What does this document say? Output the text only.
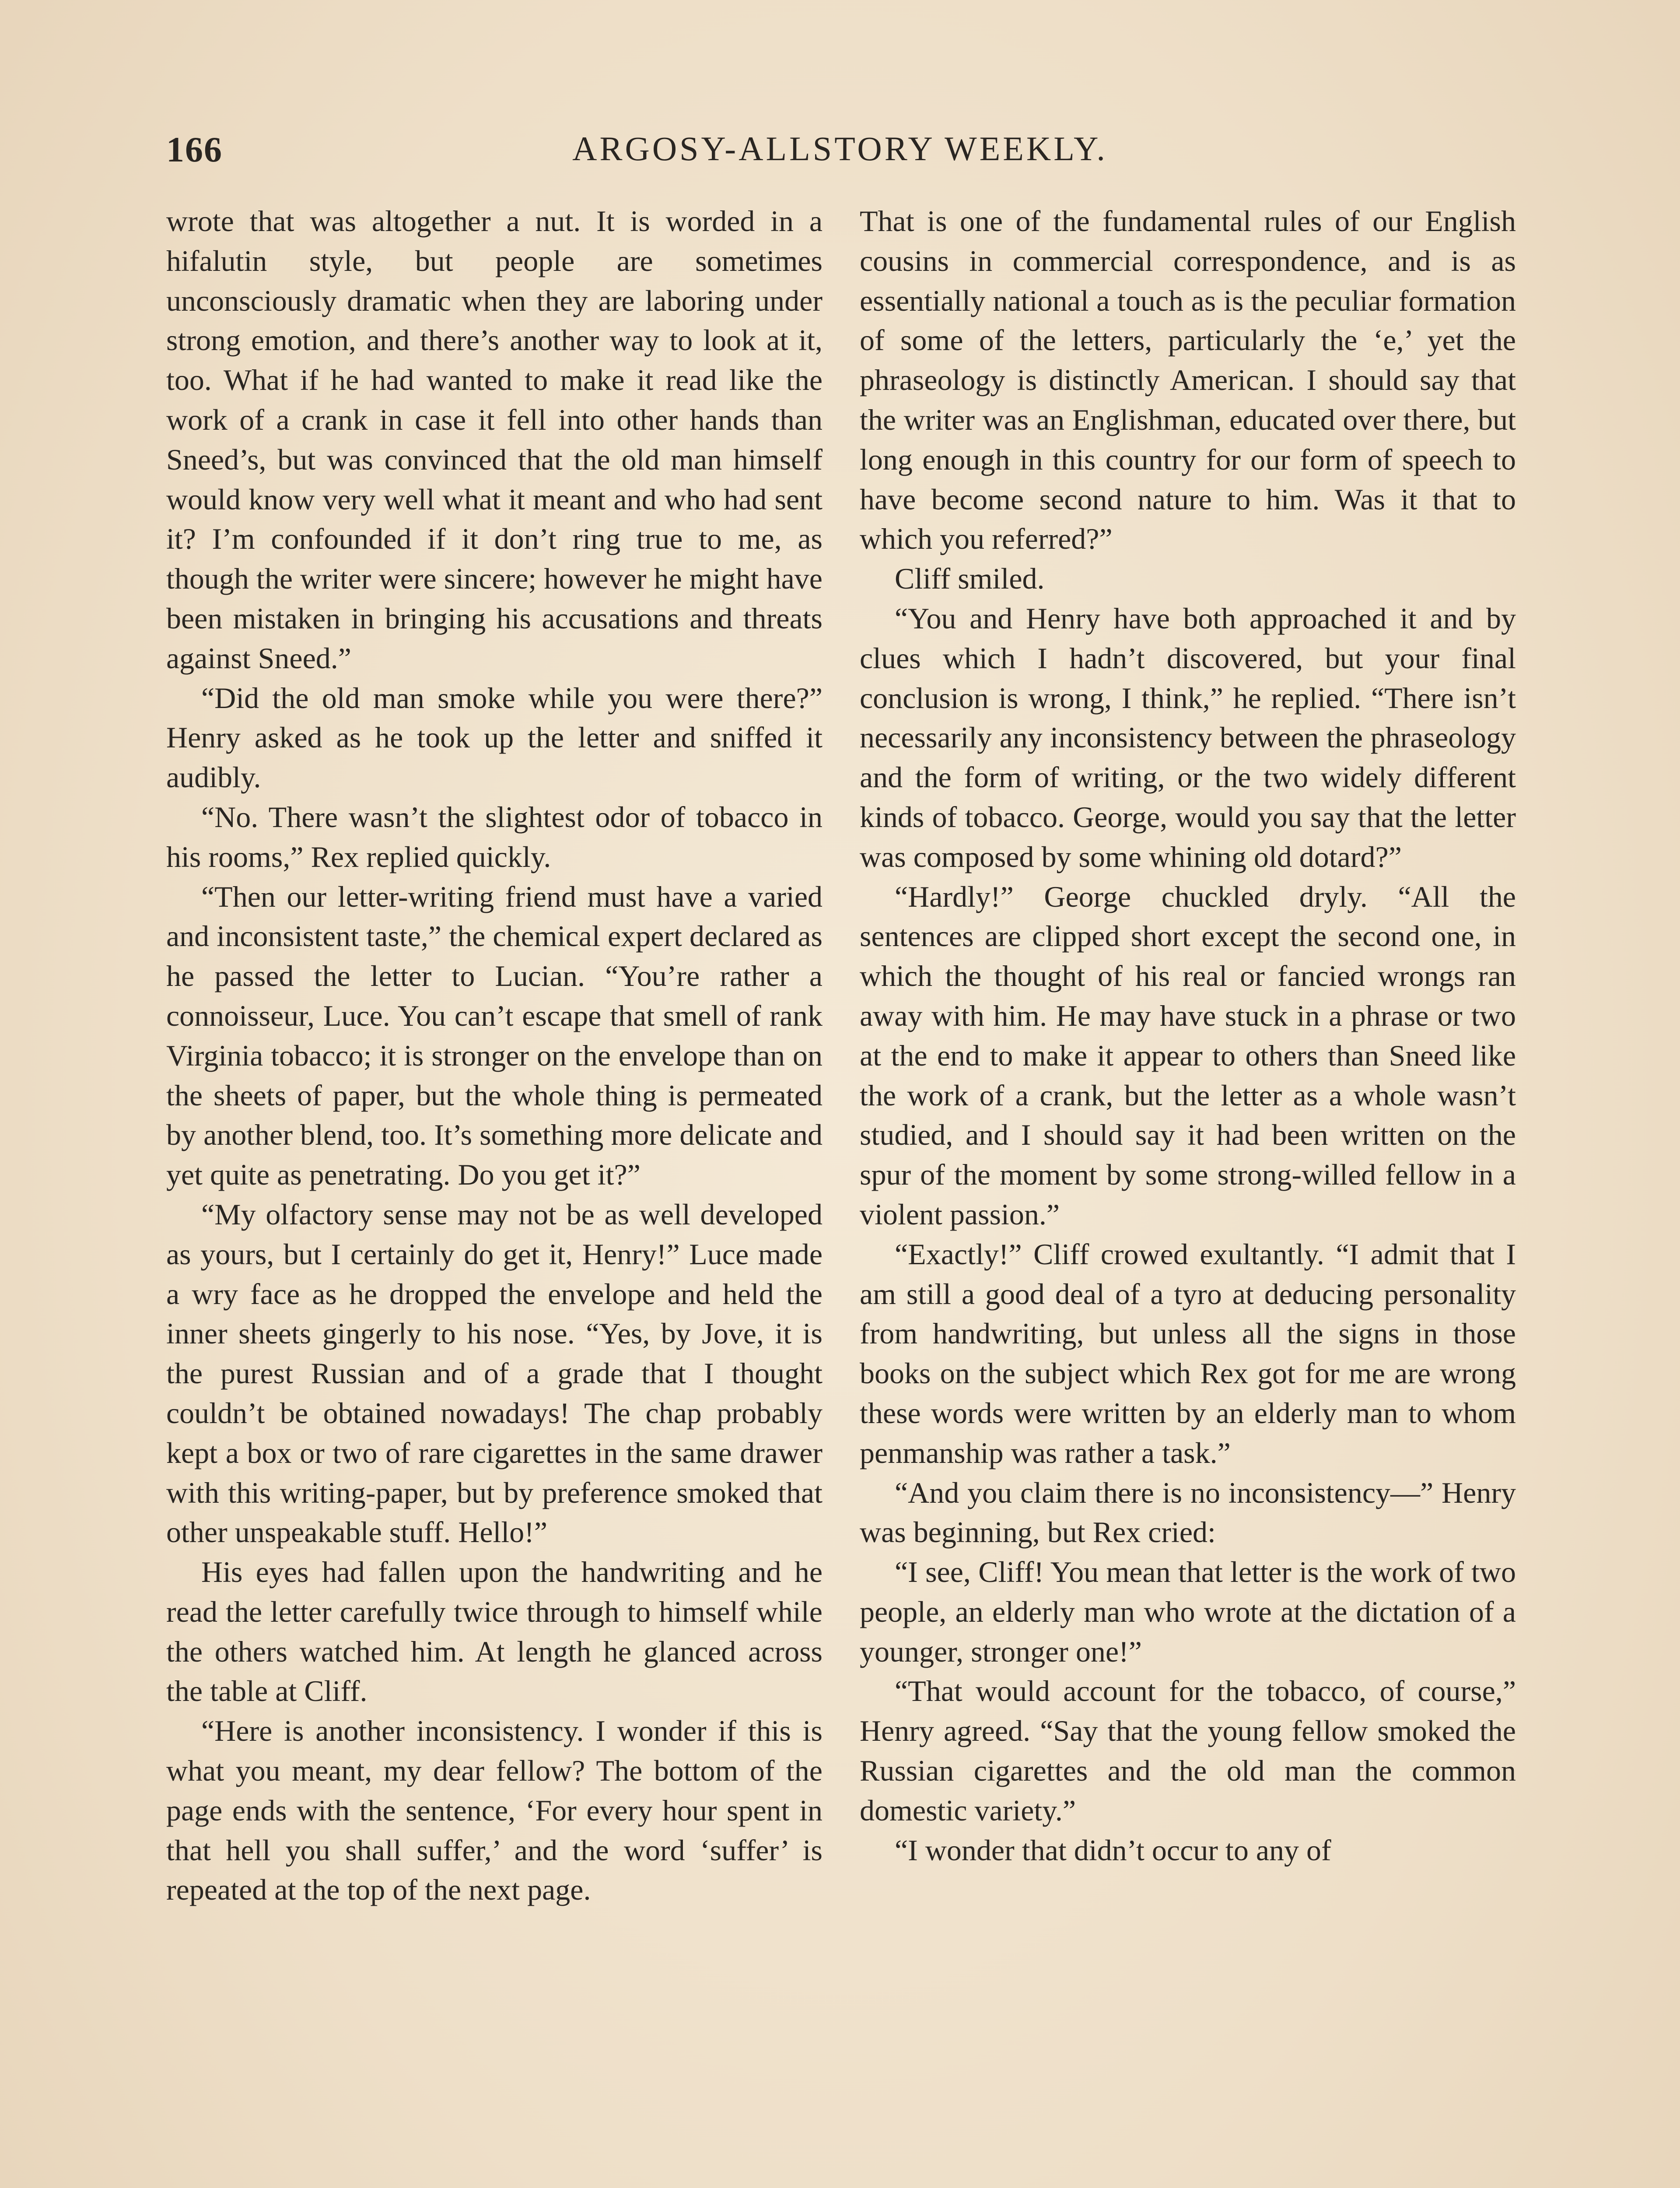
166	ARGOSY-ALLSTORY WEEKLY.

wrote that was altogether a nut. It is worded in a hifalutin style, but people are sometimes unconsciously dramatic when they are laboring under strong emotion, and there’s another way to look at it, too. What if he had wanted to make it read like the work of a crank in case it fell into other hands than Sneed’s, but was convinced that the old man himself would know very well what it meant and who had sent it? I’m confounded if it don’t ring true to me, as though the writer were sincere; however he might have been mistaken in bringing his accusations and threats against Sneed.”

“Did the old man smoke while you were there?” Henry asked as he took up the letter and sniffed it audibly.

“No. There wasn’t the slightest odor of tobacco in his rooms,” Rex replied quickly.

“Then our letter-writing friend must have a varied and inconsistent taste,” the chemical expert declared as he passed the letter to Lucian. “You’re rather a connoisseur, Luce. You can’t escape that smell of rank Virginia tobacco; it is stronger on the envelope than on the sheets of paper, but the whole thing is permeated by another blend, too. It’s something more delicate and yet quite as penetrating. Do you get it?”

“My olfactory sense may not be as well developed as yours, but I certainly do get it, Henry!” Luce made a wry face as he dropped the envelope and held the inner sheets gingerly to his nose. “Yes, by Jove, it is the purest Russian and of a grade that I thought couldn’t be obtained nowadays! The chap probably kept a box or two of rare cigarettes in the same drawer with this writing-paper, but by preference smoked that other unspeakable stuff. Hello!”

His eyes had fallen upon the handwriting and he read the letter carefully twice through to himself while the others watched him. At length he glanced across the table at Cliff.

“Here is another inconsistency. I wonder if this is what you meant, my dear fellow? The bottom of the page ends with the sentence, ‘For every hour spent in that hell you shall suffer,’ and the word ‘suffer’ is repeated at the top of the next page.

That is one of the fundamental rules of our English cousins in commercial correspondence, and is as essentially national a touch as is the peculiar formation of some of the letters, particularly the ‘e,’ yet the phraseology is distinctly American. I should say that the writer was an Englishman, educated over there, but long enough in this country for our form of speech to have become second nature to him. Was it that to which you referred?”

Cliff smiled.

“You and Henry have both approached it and by clues which I hadn’t discovered, but your final conclusion is wrong, I think,” he replied. “There isn’t necessarily any inconsistency between the phraseology and the form of writing, or the two widely different kinds of tobacco. George, would you say that the letter was composed by some whining old dotard?”

“Hardly!” George chuckled dryly. “All the sentences are clipped short except the second one, in which the thought of his real or fancied wrongs ran away with him. He may have stuck in a phrase or two at the end to make it appear to others than Sneed like the work of a crank, but the letter as a whole wasn’t studied, and I should say it had been written on the spur of the moment by some strong-willed fellow in a violent passion.”

“Exactly!” Cliff crowed exultantly. “I admit that I am still a good deal of a tyro at deducing personality from handwriting, but unless all the signs in those books on the subject which Rex got for me are wrong these words were written by an elderly man to whom penmanship was rather a task.”

“And you claim there is no inconsistency—” Henry was beginning, but Rex cried:

“I see, Cliff! You mean that letter is the work of two people, an elderly man who wrote at the dictation of a younger, stronger one!”

“That would account for the tobacco, of course,” Henry agreed. “Say that the young fellow smoked the Russian cigarettes and the old man the common domestic variety.”

“I wonder that didn’t occur to any of
